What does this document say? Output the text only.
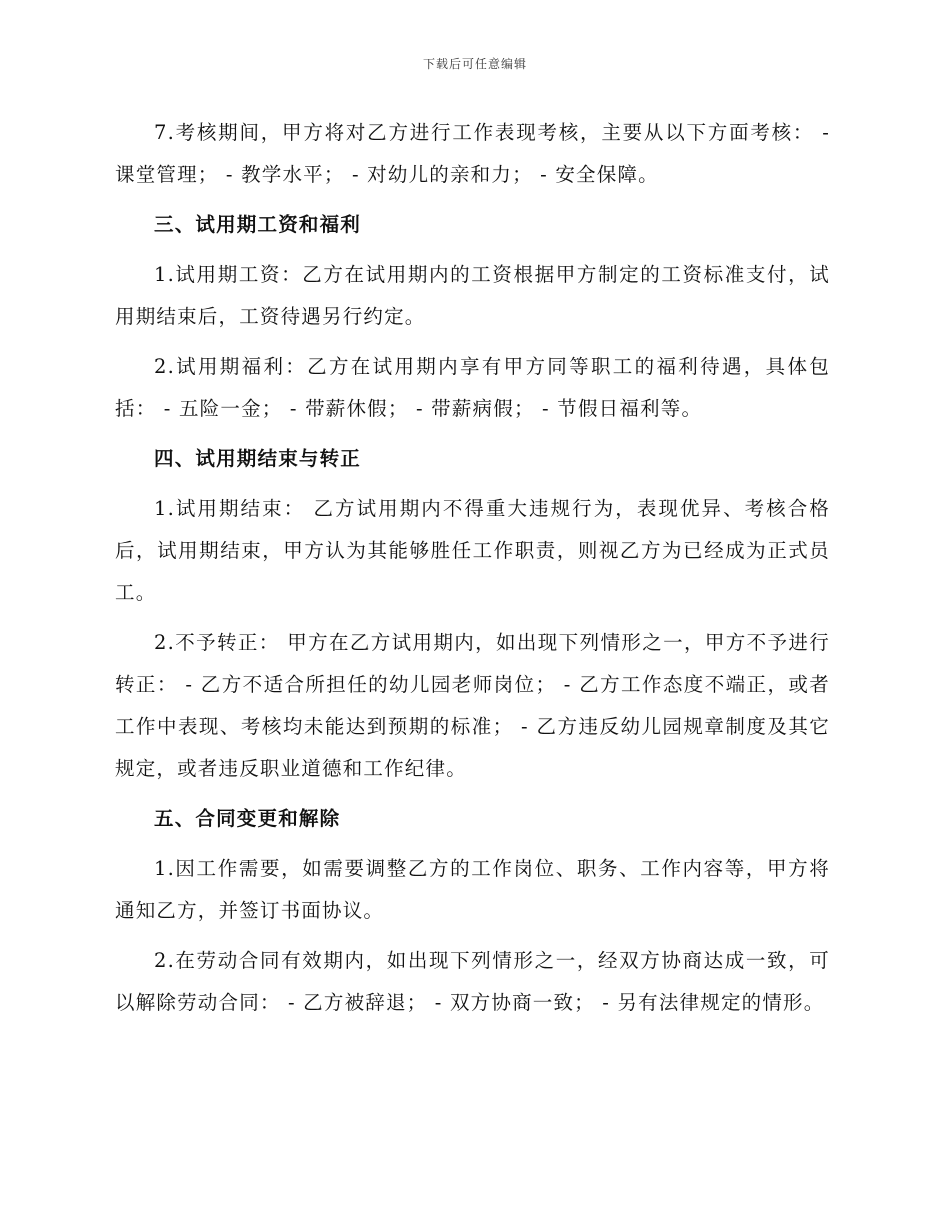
下载后可任意编辑

7.考核期间，甲方将对乙方进行工作表现考核，主要从以下方面考核： - 课堂管理； - 教学水平； - 对幼儿的亲和力； - 安全保障。

三、试用期工资和福利

1.试用期工资：乙方在试用期内的工资根据甲方制定的工资标准支付，试用期结束后，工资待遇另行约定。

2.试用期福利：乙方在试用期内享有甲方同等职工的福利待遇，具体包括： - 五险一金； - 带薪休假； - 带薪病假； - 节假日福利等。

四、试用期结束与转正

1.试用期结束： 乙方试用期内不得重大违规行为，表现优异、考核合格后，试用期结束，甲方认为其能够胜任工作职责，则视乙方为已经成为正式员工。

2.不予转正： 甲方在乙方试用期内，如出现下列情形之一，甲方不予进行转正： - 乙方不适合所担任的幼儿园老师岗位； - 乙方工作态度不端正，或者工作中表现、考核均未能达到预期的标准； - 乙方违反幼儿园规章制度及其它规定，或者违反职业道德和工作纪律。

五、合同变更和解除

1.因工作需要，如需要调整乙方的工作岗位、职务、工作内容等，甲方将通知乙方，并签订书面协议。

2.在劳动合同有效期内，如出现下列情形之一，经双方协商达成一致，可以解除劳动合同： - 乙方被辞退； - 双方协商一致； - 另有法律规定的情形。
